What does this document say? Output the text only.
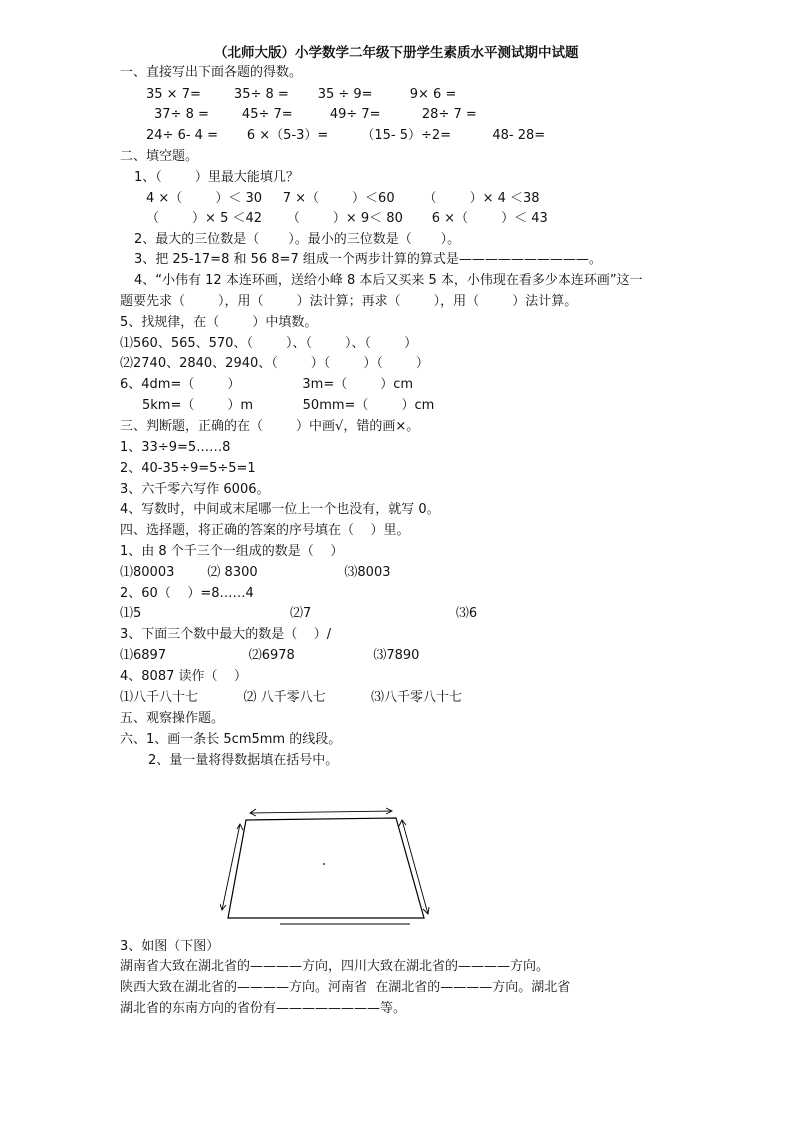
（北师大版）小学数学二年级下册学生素质水平测试期中试题
一、直接写出下面各题的得数。
35 × 7=        35÷ 8 =       35 ÷ 9=         9× 6 =
37÷ 8 =        45÷ 7=         49÷ 7=          28÷ 7 =
24÷ 6- 4 =       6 ×（5-3）=        （15- 5）÷2=          48- 28=
二、填空题。
1、（        ）里最大能填几？
4 ×（        ）＜ 30     7 ×（        ）＜60       （        ）× 4 ＜38
（        ）× 5 ＜42      （        ）× 9＜ 80       6 ×（        ）＜ 43
2、最大的三位数是（       ）。最小的三位数是（       ）。
3、把 25-17=8 和 56 8=7 组成一个两步计算的算式是——————————。
4、“小伟有 12 本连环画，送给小峰 8 本后又买来 5 本，小伟现在看多少本连环画”这一
题要先求（        ），用（        ）法计算；再求（        ），用（        ）法计算。
5、找规律，在（        ）中填数。
⑴560、565、570、（        ）、（        ）、（        ）
⑵2740、2840、2940、（        ）（        ）（        ）
6、4dm=（        ）               3m=（        ）cm
5km=（        ）m            50mm=（        ）cm
三、判断题，正确的在（        ）中画√，错的画×。
1、33÷9=5……8
2、40-35÷9=5÷5=1
3、六千零六写作 6006。
4、写数时，中间或末尾哪一位上一个也没有，就写 0。
四、选择题，将正确的答案的序号填在（    ）里。
1、由 8 个千三个一组成的数是（    ）
⑴80003        ⑵ 8300                     ⑶8003
2、60（    ）=8……4
⑴5                                    ⑵7                                   ⑶6
3、下面三个数中最大的数是（    ）/
⑴6897                    ⑵6978                   ⑶7890
4、8087 读作（    ）
⑴八千八十七           ⑵ 八千零八七           ⑶八千零八十七
五、观察操作题。
六、1、画一条长 5cm5mm 的线段。
2、量一量将得数据填在括号中。
3、如图（下图）
湖南省大致在湖北省的————方向，四川大致在湖北省的————方向。
陕西大致在湖北省的————方向。河南省  在湖北省的————方向。湖北省
湖北省的东南方向的省份有————————等。
